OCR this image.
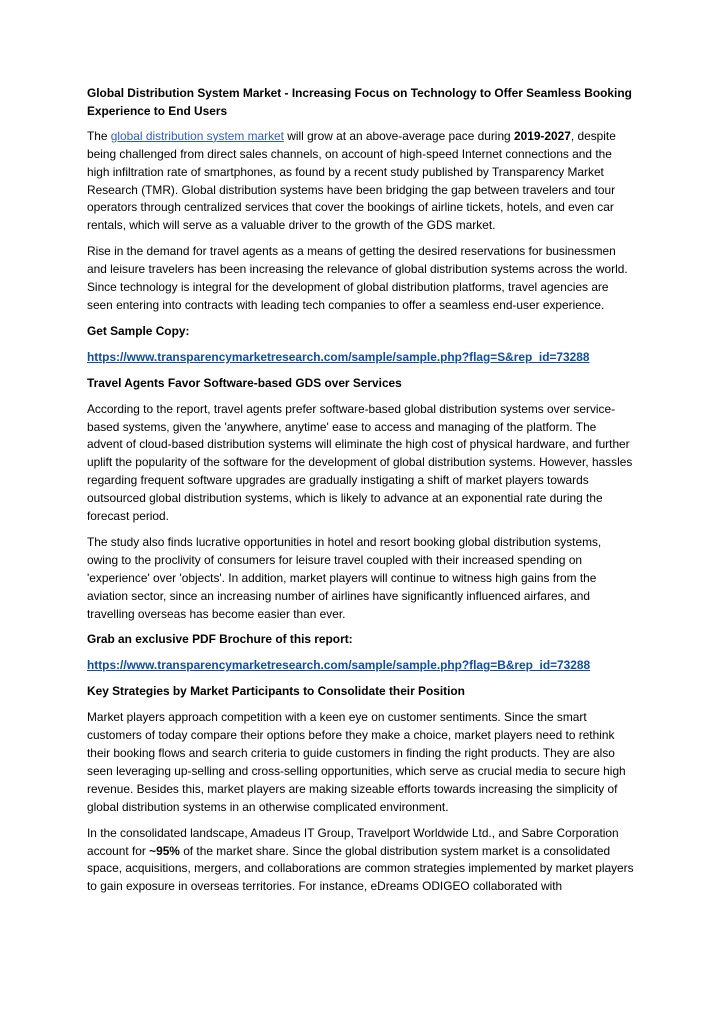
Global Distribution System Market - Increasing Focus on Technology to Offer Seamless Booking Experience to End Users

The global distribution system market will grow at an above-average pace during 2019-2027, despite being challenged from direct sales channels, on account of high-speed Internet connections and the high infiltration rate of smartphones, as found by a recent study published by Transparency Market Research (TMR). Global distribution systems have been bridging the gap between travelers and tour operators through centralized services that cover the bookings of airline tickets, hotels, and even car rentals, which will serve as a valuable driver to the growth of the GDS market.

Rise in the demand for travel agents as a means of getting the desired reservations for businessmen and leisure travelers has been increasing the relevance of global distribution systems across the world. Since technology is integral for the development of global distribution platforms, travel agencies are seen entering into contracts with leading tech companies to offer a seamless end-user experience.

Get Sample Copy:

https://www.transparencymarketresearch.com/sample/sample.php?flag=S&rep_id=73288

Travel Agents Favor Software-based GDS over Services

According to the report, travel agents prefer software-based global distribution systems over service-based systems, given the 'anywhere, anytime' ease to access and managing of the platform. The advent of cloud-based distribution systems will eliminate the high cost of physical hardware, and further uplift the popularity of the software for the development of global distribution systems. However, hassles regarding frequent software upgrades are gradually instigating a shift of market players towards outsourced global distribution systems, which is likely to advance at an exponential rate during the forecast period.

The study also finds lucrative opportunities in hotel and resort booking global distribution systems, owing to the proclivity of consumers for leisure travel coupled with their increased spending on 'experience' over 'objects'. In addition, market players will continue to witness high gains from the aviation sector, since an increasing number of airlines have significantly influenced airfares, and travelling overseas has become easier than ever.

Grab an exclusive PDF Brochure of this report:

https://www.transparencymarketresearch.com/sample/sample.php?flag=B&rep_id=73288

Key Strategies by Market Participants to Consolidate their Position

Market players approach competition with a keen eye on customer sentiments. Since the smart customers of today compare their options before they make a choice, market players need to rethink their booking flows and search criteria to guide customers in finding the right products. They are also seen leveraging up-selling and cross-selling opportunities, which serve as crucial media to secure high revenue. Besides this, market players are making sizeable efforts towards increasing the simplicity of global distribution systems in an otherwise complicated environment.

In the consolidated landscape, Amadeus IT Group, Travelport Worldwide Ltd., and Sabre Corporation account for ~95% of the market share. Since the global distribution system market is a consolidated space, acquisitions, mergers, and collaborations are common strategies implemented by market players to gain exposure in overseas territories. For instance, eDreams ODIGEO collaborated with
